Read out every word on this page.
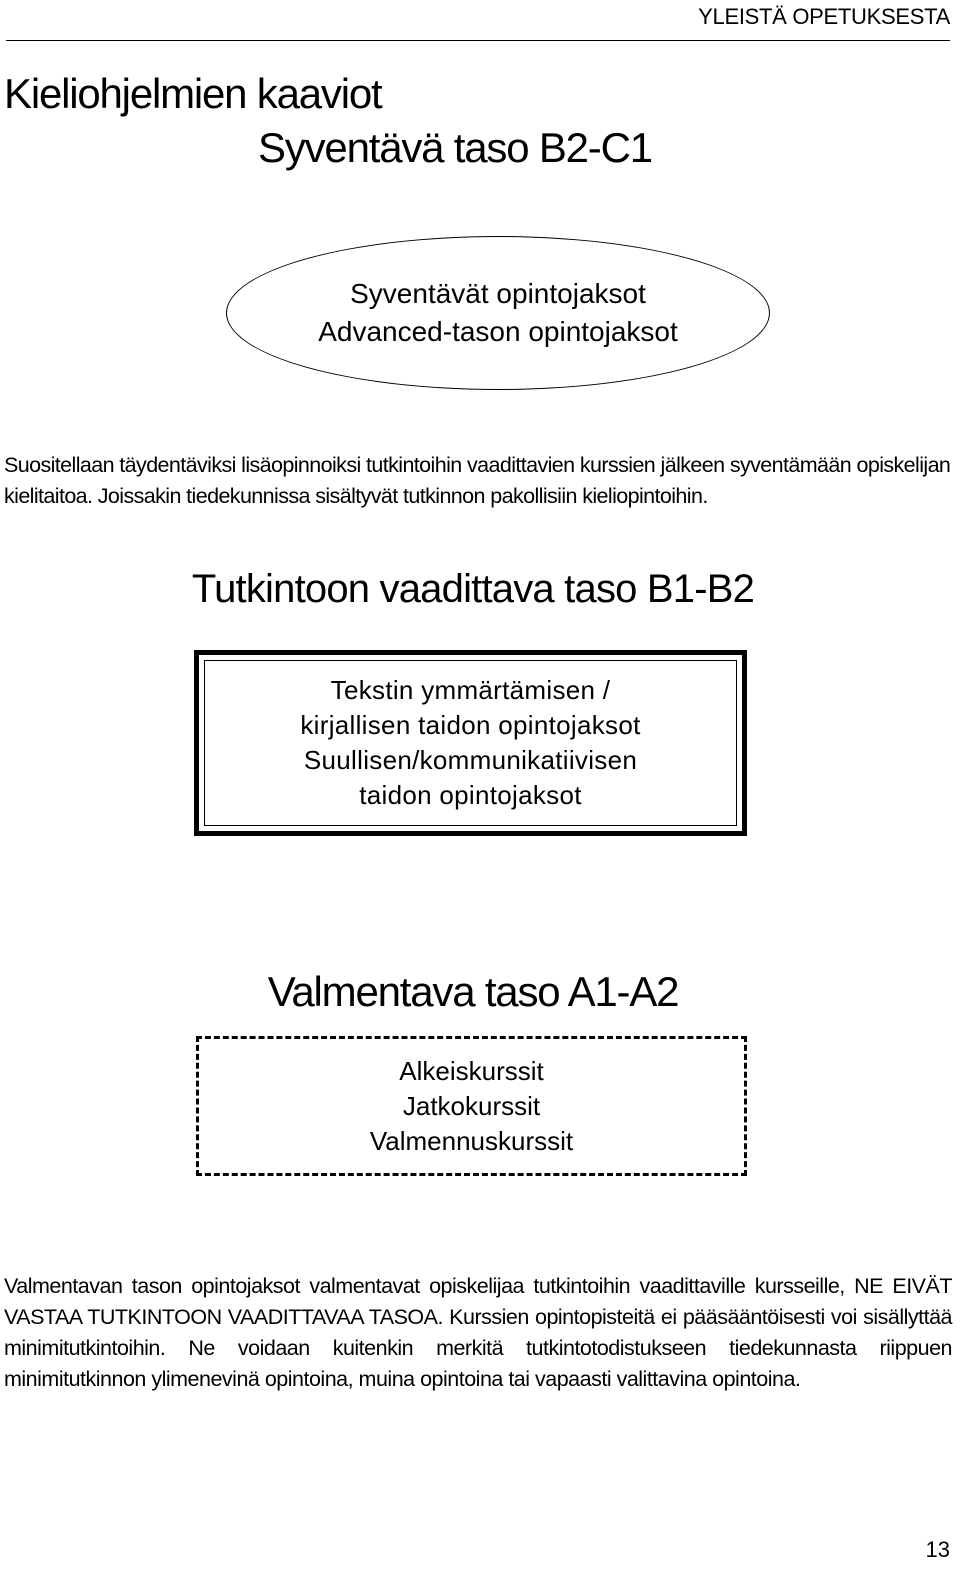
YLEISTÄ OPETUKSESTA
Kieliohjelmien kaaviot
Syventävä taso B2-C1
Syventävät opintojaksot
Advanced-tason opintojaksot
Suositellaan täydentäviksi lisäopinnoiksi tutkintoihin vaadittavien kurssien jälkeen syventämään opiskelijan kielitaitoa. Joissakin tiedekunnissa sisältyvät tutkinnon pakollisiin kieliopintoihin.
Tutkintoon vaadittava taso B1-B2
Tekstin ymmärtämisen /
kirjallisen taidon opintojaksot
Suullisen/kommunikatiivisen
taidon opintojaksot
Valmentava taso A1-A2
Alkeiskurssit
Jatkokurssit
Valmennuskurssit
Valmentavan tason opintojaksot valmentavat opiskelijaa tutkintoihin vaadittaville kursseille, NE EIVÄT VASTAA TUTKINTOON VAADITTAVAA TASOA. Kurssien opintopisteitä ei pääsääntöisesti voi sisällyttää minimitutkintoihin. Ne voidaan kuitenkin merkitä tutkintotodistukseen tiedekunnasta riippuen minimitutkinnon ylimenevinä opintoina, muina opintoina tai vapaasti valittavina opintoina.
13
